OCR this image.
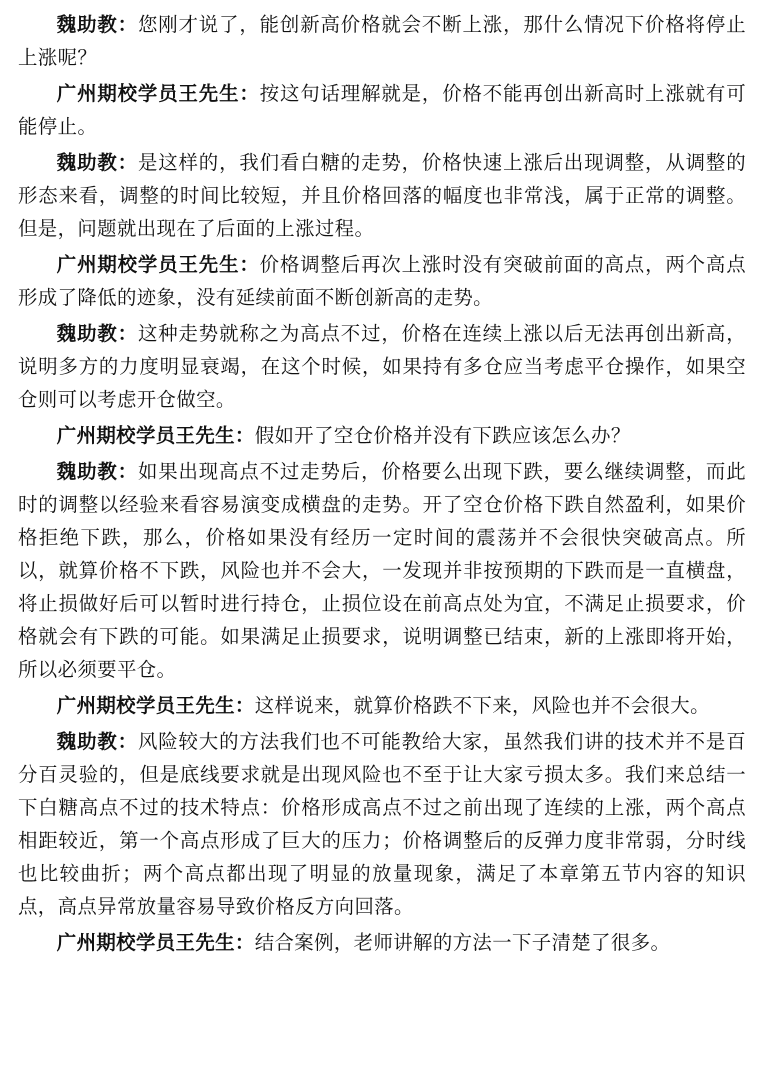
魏助教：您刚才说了，能创新高价格就会不断上涨，那什么情况下价格将停止上涨呢？

广州期校学员王先生：按这句话理解就是，价格不能再创出新高时上涨就有可能停止。

魏助教：是这样的，我们看白糖的走势，价格快速上涨后出现调整，从调整的形态来看，调整的时间比较短，并且价格回落的幅度也非常浅，属于正常的调整。但是，问题就出现在了后面的上涨过程。

广州期校学员王先生：价格调整后再次上涨时没有突破前面的高点，两个高点形成了降低的迹象，没有延续前面不断创新高的走势。

魏助教：这种走势就称之为高点不过，价格在连续上涨以后无法再创出新高，说明多方的力度明显衰竭，在这个时候，如果持有多仓应当考虑平仓操作，如果空仓则可以考虑开仓做空。

广州期校学员王先生：假如开了空仓价格并没有下跌应该怎么办？

魏助教：如果出现高点不过走势后，价格要么出现下跌，要么继续调整，而此时的调整以经验来看容易演变成横盘的走势。开了空仓价格下跌自然盈利，如果价格拒绝下跌，那么，价格如果没有经历一定时间的震荡并不会很快突破高点。所以，就算价格不下跌，风险也并不会大，一发现并非按预期的下跌而是一直横盘，将止损做好后可以暂时进行持仓，止损位设在前高点处为宜，不满足止损要求，价格就会有下跌的可能。如果满足止损要求，说明调整已结束，新的上涨即将开始，所以必须要平仓。

广州期校学员王先生：这样说来，就算价格跌不下来，风险也并不会很大。

魏助教：风险较大的方法我们也不可能教给大家，虽然我们讲的技术并不是百分百灵验的，但是底线要求就是出现风险也不至于让大家亏损太多。我们来总结一下白糖高点不过的技术特点：价格形成高点不过之前出现了连续的上涨，两个高点相距较近，第一个高点形成了巨大的压力；价格调整后的反弹力度非常弱，分时线也比较曲折；两个高点都出现了明显的放量现象，满足了本章第五节内容的知识点，高点异常放量容易导致价格反方向回落。

广州期校学员王先生：结合案例，老师讲解的方法一下子清楚了很多。
